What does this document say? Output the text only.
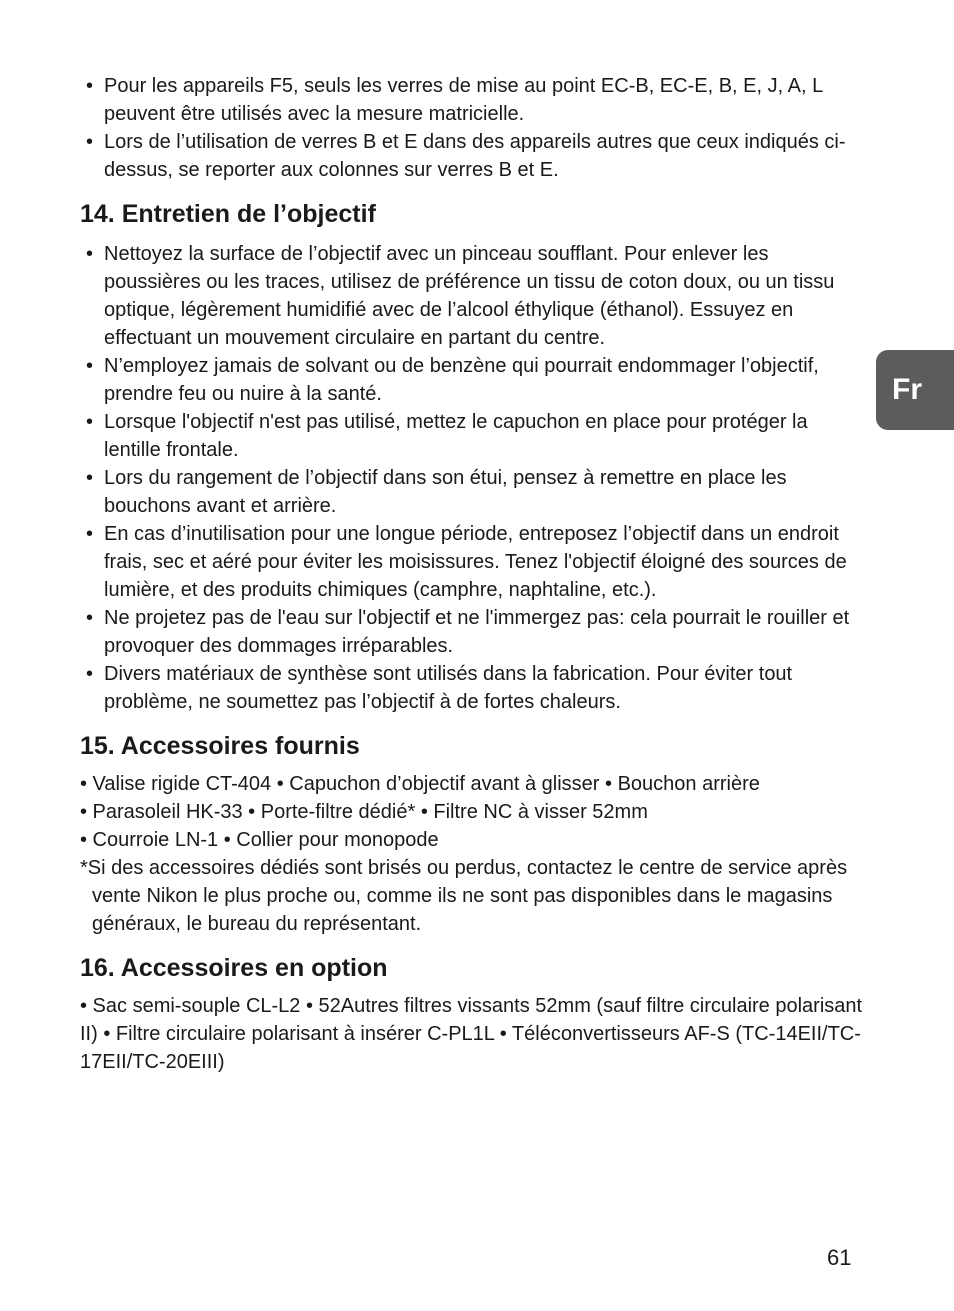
• Pour les appareils F5, seuls les verres de mise au point EC-B, EC-E, B, E, J, A, L peuvent être utilisés avec la mesure matricielle.
• Lors de l’utilisation de verres B et E dans des appareils autres que ceux indiqués ci-dessus, se reporter aux colonnes sur verres B et E.
14. Entretien de l’objectif
• Nettoyez la surface de l’objectif avec un pinceau soufflant. Pour enlever les poussières ou les traces, utilisez de préférence un tissu de coton doux, ou un tissu optique, légèrement humidifié avec de l’alcool éthylique (éthanol). Essuyez en effectuant un mouvement circulaire en partant du centre.
• N’employez jamais de solvant ou de benzène qui pourrait endommager l’objectif, prendre feu ou nuire à la santé.
• Lorsque l'objectif n'est pas utilisé, mettez le capuchon en place pour protéger la lentille frontale.
• Lors du rangement de l’objectif dans son étui, pensez à remettre en place les bouchons avant et arrière.
• En cas d’inutilisation pour une longue période, entreposez l’objectif dans un endroit frais, sec et aéré pour éviter les moisissures. Tenez l'objectif éloigné des sources de lumière, et des produits chimiques (camphre, naphtaline, etc.).
• Ne projetez pas de l'eau sur l'objectif et ne l'immergez pas: cela pourrait le rouiller et provoquer des dommages irréparables.
• Divers matériaux de synthèse sont utilisés dans la fabrication. Pour éviter tout problème, ne soumettez pas l’objectif à de fortes chaleurs.
15. Accessoires fournis

• Valise rigide CT-404 • Capuchon d’objectif avant à glisser • Bouchon arrière

• Parasoleil HK-33 • Porte-filtre dédié* • Filtre NC à visser 52mm

• Courroie LN-1 • Collier pour monopode

*Si des accessoires dédiés sont brisés ou perdus, contactez le centre de service après vente Nikon le plus proche ou, comme ils ne sont pas disponibles dans le magasins généraux, le bureau du représentant.

16. Accessoires en option

• Sac semi-souple CL-L2 • 52Autres filtres vissants 52mm (sauf filtre circulaire polarisant II) • Filtre circulaire polarisant à insérer C-PL1L • Téléconvertisseurs AF-S (TC-14EII/TC-17EII/TC-20EIII)

Fr
61
